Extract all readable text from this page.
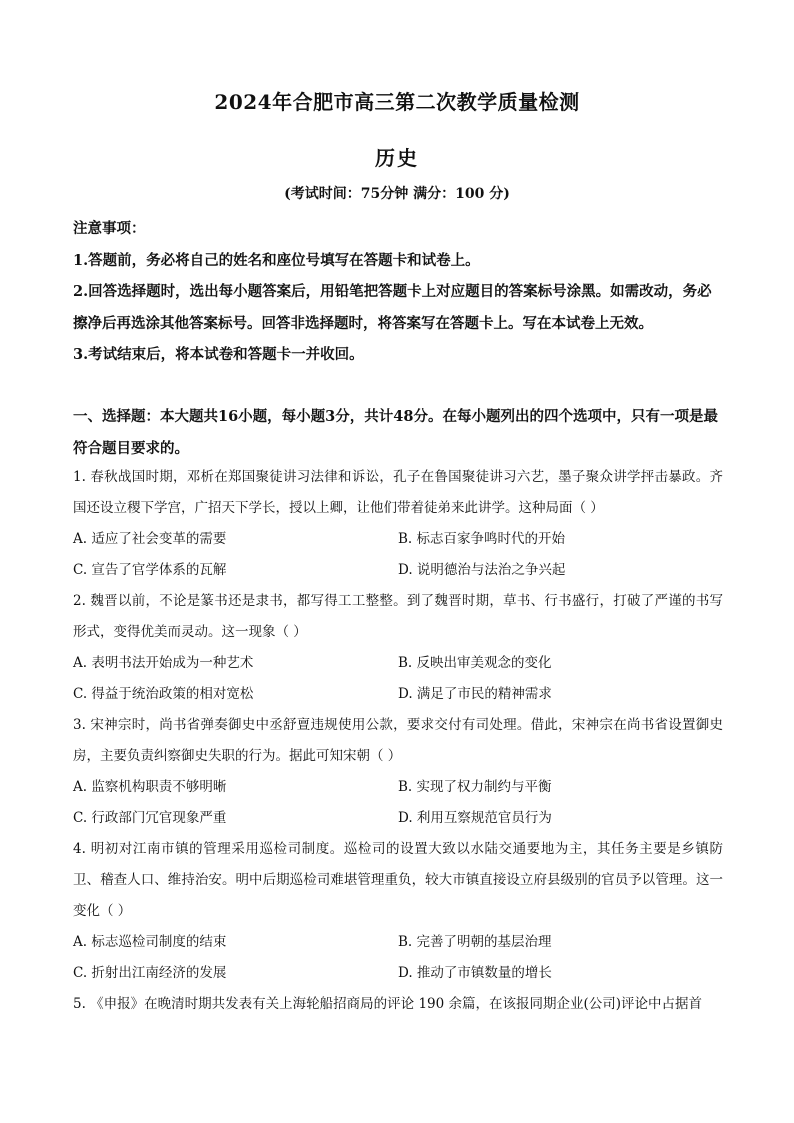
2024年合肥市高三第二次教学质量检测
历史
(考试时间：75分钟 满分：100 分)

注意事项：

1.答题前，务必将自己的姓名和座位号填写在答题卡和试卷上。

2.回答选择题时，选出每小题答案后，用铅笔把答题卡上对应题目的答案标号涂黑。如需改动，务必擦净后再选涂其他答案标号。回答非选择题时，将答案写在答题卡上。写在本试卷上无效。

3.考试结束后，将本试卷和答题卡一并收回。

一、选择题：本大题共16小题，每小题3分，共计48分。在每小题列出的四个选项中，只有一项是最符合题目要求的。

1. 春秋战国时期，邓析在郑国聚徒讲习法律和诉讼，孔子在鲁国聚徒讲习六艺，墨子聚众讲学抨击暴政。齐国还设立稷下学宫，广招天下学长，授以上卿，让他们带着徒弟来此讲学。这种局面（ ）

A. 适应了社会变革的需要	B. 标志百家争鸣时代的开始
C. 宣告了官学体系的瓦解	D. 说明德治与法治之争兴起

2. 魏晋以前，不论是篆书还是隶书，都写得工工整整。到了魏晋时期，草书、行书盛行，打破了严谨的书写形式，变得优美而灵动。这一现象（ ）

A. 表明书法开始成为一种艺术	B. 反映出审美观念的变化
C. 得益于统治政策的相对宽松	D. 满足了市民的精神需求

3. 宋神宗时，尚书省弹奏御史中丞舒亶违规使用公款，要求交付有司处理。借此，宋神宗在尚书省设置御史房，主要负责纠察御史失职的行为。据此可知宋朝（ ）

A. 监察机构职责不够明晰	B. 实现了权力制约与平衡
C. 行政部门冗官现象严重	D. 利用互察规范官员行为

4. 明初对江南市镇的管理采用巡检司制度。巡检司的设置大致以水陆交通要地为主，其任务主要是乡镇防卫、稽查人口、维持治安。明中后期巡检司难堪管理重负，较大市镇直接设立府县级别的官员予以管理。这一变化（ ）

A. 标志巡检司制度的结束	B. 完善了明朝的基层治理
C. 折射出江南经济的发展	D. 推动了市镇数量的增长

5. 《申报》在晚清时期共发表有关上海轮船招商局的评论 190 余篇，在该报同期企业(公司)评论中占据首
